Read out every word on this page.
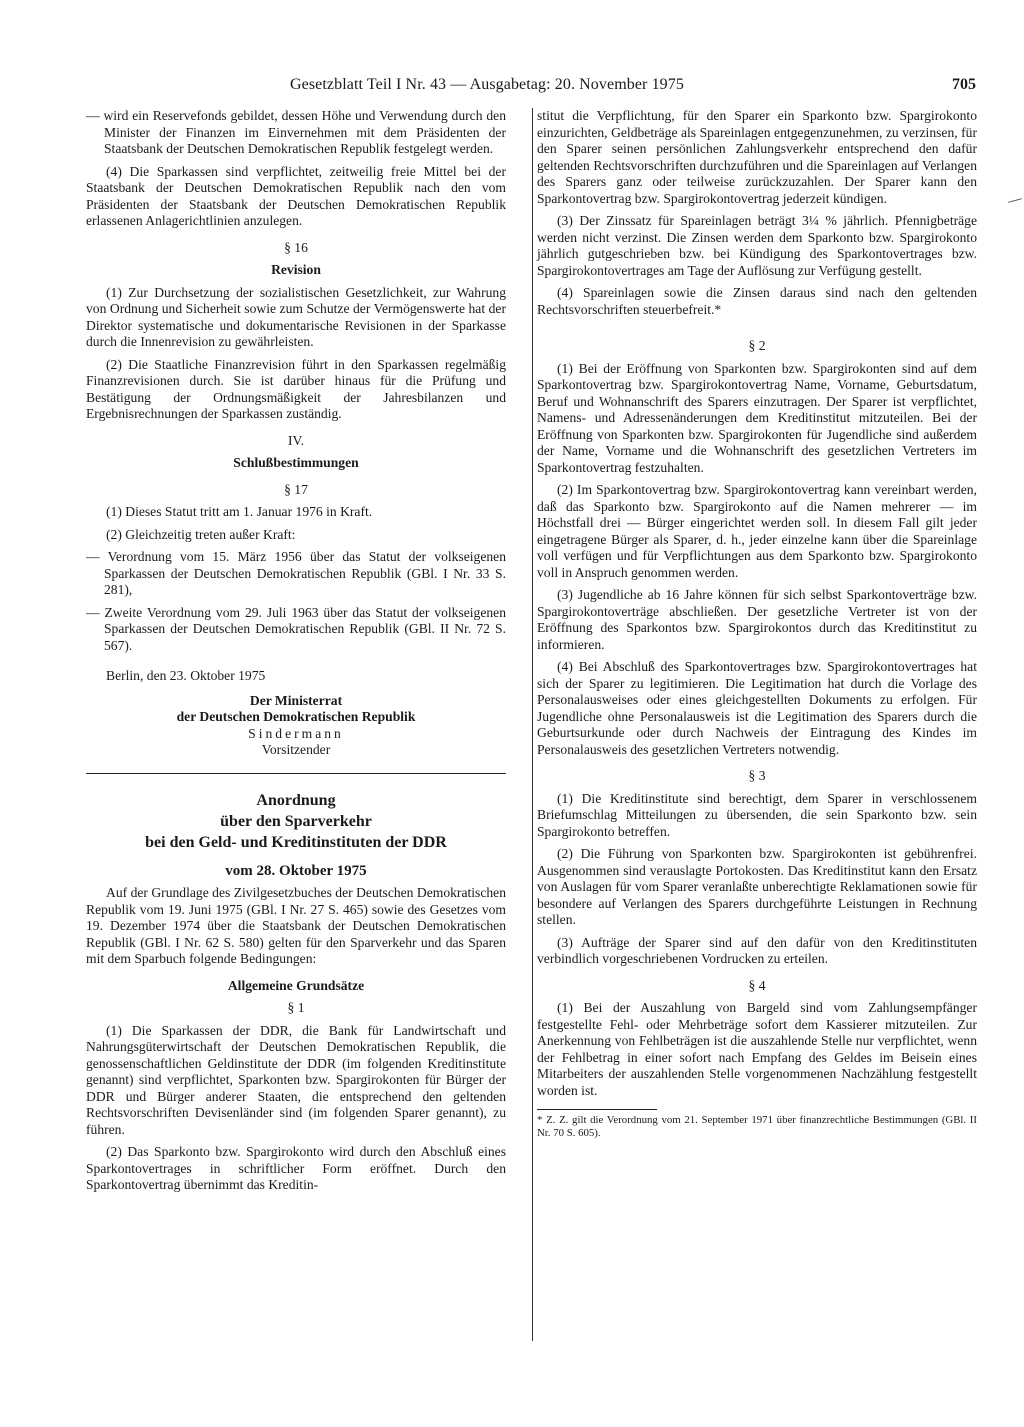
Gesetzblatt Teil I Nr. 43 — Ausgabetag: 20. November 1975	705

— wird ein Reservefonds gebildet, dessen Höhe und Verwendung durch den Minister der Finanzen im Einvernehmen mit dem Präsidenten der Staatsbank der Deutschen Demokratischen Republik festgelegt werden.

(4) Die Sparkassen sind verpflichtet, zeitweilig freie Mittel bei der Staatsbank der Deutschen Demokratischen Republik nach den vom Präsidenten der Staatsbank der Deutschen Demokratischen Republik erlassenen Anlagerichtlinien anzulegen.

§ 16
Revision

(1) Zur Durchsetzung der sozialistischen Gesetzlichkeit, zur Wahrung von Ordnung und Sicherheit sowie zum Schutze der Vermögenswerte hat der Direktor systematische und dokumentarische Revisionen in der Sparkasse durch die Innenrevision zu gewährleisten.

(2) Die Staatliche Finanzrevision führt in den Sparkassen regelmäßig Finanzrevisionen durch. Sie ist darüber hinaus für die Prüfung und Bestätigung der Ordnungsmäßigkeit der Jahresbilanzen und Ergebnisrechnungen der Sparkassen zuständig.

IV.
Schlußbestimmungen
§ 17

(1) Dieses Statut tritt am 1. Januar 1976 in Kraft.

(2) Gleichzeitig treten außer Kraft:

— Verordnung vom 15. März 1956 über das Statut der volkseigenen Sparkassen der Deutschen Demokratischen Republik (GBl. I Nr. 33 S. 281),

— Zweite Verordnung vom 29. Juli 1963 über das Statut der volkseigenen Sparkassen der Deutschen Demokratischen Republik (GBl. II Nr. 72 S. 567).

Berlin, den 23. Oktober 1975

Der Ministerrat
der Deutschen Demokratischen Republik
Sindermann
Vorsitzender
Anordnung
über den Sparverkehr
bei den Geld- und Kreditinstituten der DDR
vom 28. Oktober 1975

Auf der Grundlage des Zivilgesetzbuches der Deutschen Demokratischen Republik vom 19. Juni 1975 (GBl. I Nr. 27 S. 465) sowie des Gesetzes vom 19. Dezember 1974 über die Staatsbank der Deutschen Demokratischen Republik (GBl. I Nr. 62 S. 580) gelten für den Sparverkehr und das Sparen mit dem Sparbuch folgende Bedingungen:

Allgemeine Grundsätze
§ 1

(1) Die Sparkassen der DDR, die Bank für Landwirtschaft und Nahrungsgüterwirtschaft der Deutschen Demokratischen Republik, die genossenschaftlichen Geldinstitute der DDR (im folgenden Kreditinstitute genannt) sind verpflichtet, Sparkonten bzw. Spargirokonten für Bürger der DDR und Bürger anderer Staaten, die entsprechend den geltenden Rechtsvorschriften Devisenländer sind (im folgenden Sparer genannt), zu führen.

(2) Das Sparkonto bzw. Spargirokonto wird durch den Abschluß eines Sparkontovertrages in schriftlicher Form eröffnet. Durch den Sparkontovertrag übernimmt das Kreditin-

stitut die Verpflichtung, für den Sparer ein Sparkonto bzw. Spargirokonto einzurichten, Geldbeträge als Spareinlagen entgegenzunehmen, zu verzinsen, für den Sparer seinen persönlichen Zahlungsverkehr entsprechend den dafür geltenden Rechtsvorschriften durchzuführen und die Spareinlagen auf Verlangen des Sparers ganz oder teilweise zurückzuzahlen. Der Sparer kann den Sparkontovertrag bzw. Spargirokontovertrag jederzeit kündigen.

(3) Der Zinssatz für Spareinlagen beträgt 3¼ % jährlich. Pfennigbeträge werden nicht verzinst. Die Zinsen werden dem Sparkonto bzw. Spargirokonto jährlich gutgeschrieben bzw. bei Kündigung des Sparkontovertrages bzw. Spargirokontovertrages am Tage der Auflösung zur Verfügung gestellt.

(4) Spareinlagen sowie die Zinsen daraus sind nach den geltenden Rechtsvorschriften steuerbefreit.*

§ 2

(1) Bei der Eröffnung von Sparkonten bzw. Spargirokonten sind auf dem Sparkontovertrag bzw. Spargirokontovertrag Name, Vorname, Geburtsdatum, Beruf und Wohnanschrift des Sparers einzutragen. Der Sparer ist verpflichtet, Namens- und Adressenänderungen dem Kreditinstitut mitzuteilen. Bei der Eröffnung von Sparkonten bzw. Spargirokonten für Jugendliche sind außerdem der Name, Vorname und die Wohnanschrift des gesetzlichen Vertreters im Sparkontovertrag festzuhalten.

(2) Im Sparkontovertrag bzw. Spargirokontovertrag kann vereinbart werden, daß das Sparkonto bzw. Spargirokonto auf die Namen mehrerer — im Höchstfall drei — Bürger eingerichtet werden soll. In diesem Fall gilt jeder eingetragene Bürger als Sparer, d. h., jeder einzelne kann über die Spareinlage voll verfügen und für Verpflichtungen aus dem Sparkonto bzw. Spargirokonto voll in Anspruch genommen werden.

(3) Jugendliche ab 16 Jahre können für sich selbst Sparkontoverträge bzw. Spargirokontoverträge abschließen. Der gesetzliche Vertreter ist von der Eröffnung des Sparkontos bzw. Spargirokontos durch das Kreditinstitut zu informieren.

(4) Bei Abschluß des Sparkontovertrages bzw. Spargirokontovertrages hat sich der Sparer zu legitimieren. Die Legitimation hat durch die Vorlage des Personalausweises oder eines gleichgestellten Dokuments zu erfolgen. Für Jugendliche ohne Personalausweis ist die Legitimation des Sparers durch die Geburtsurkunde oder durch Nachweis der Eintragung des Kindes im Personalausweis des gesetzlichen Vertreters notwendig.

§ 3

(1) Die Kreditinstitute sind berechtigt, dem Sparer in verschlossenem Briefumschlag Mitteilungen zu übersenden, die sein Sparkonto bzw. sein Spargirokonto betreffen.

(2) Die Führung von Sparkonten bzw. Spargirokonten ist gebührenfrei. Ausgenommen sind verauslagte Portokosten. Das Kreditinstitut kann den Ersatz von Auslagen für vom Sparer veranlaßte unberechtigte Reklamationen sowie für besondere auf Verlangen des Sparers durchgeführte Leistungen in Rechnung stellen.

(3) Aufträge der Sparer sind auf den dafür von den Kreditinstituten verbindlich vorgeschriebenen Vordrucken zu erteilen.

§ 4

(1) Bei der Auszahlung von Bargeld sind vom Zahlungsempfänger festgestellte Fehl- oder Mehrbeträge sofort dem Kassierer mitzuteilen. Zur Anerkennung von Fehlbeträgen ist die auszahlende Stelle nur verpflichtet, wenn der Fehlbetrag in einer sofort nach Empfang des Geldes im Beisein eines Mitarbeiters der auszahlenden Stelle vorgenommenen Nachzählung festgestellt worden ist.

* Z. Z. gilt die Verordnung vom 21. September 1971 über finanzrechtliche Bestimmungen (GBl. II Nr. 70 S. 605).
